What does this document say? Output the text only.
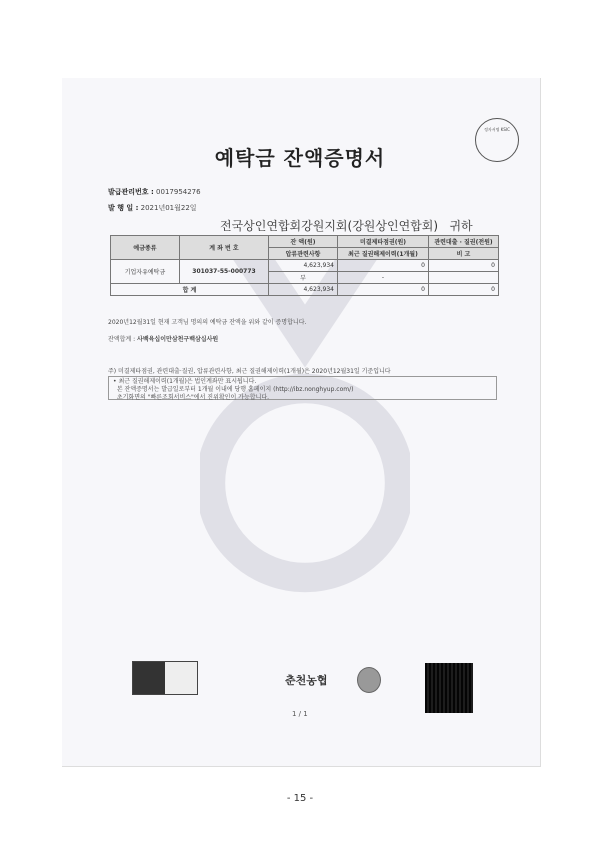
정자서명 KSIC
예탁금 잔액증명서
발급관리번호 : 0017954276
발 행 일 : 2021년01월22일
전국상인연합회강원지회(강원상인연합회)   귀하
예금종류	계 좌 번 호	잔 액(원)	미결제타점권(원)	관련대출 · 질권(전원)
		압류관련사항	최근 질권해제이력(1개월)	비 고
기업자유예탁금	301037-55-000773	4,623,934	0	0
		부	-	
합 계		4,623,934	0	0
2020년12월31일 현재 고객님 명의의 예탁금 잔액을 위와 같이 증명합니다.
잔액합계 : 사백육십이만삼천구백삼십사원
주) 미결제타점권, 관련대출·질권, 압류관련사항, 최근 질권해제이력(1개월)은 2020년12월31일 기준입니다
• 최근 질권해제이력(1개월)은 법인계좌만 표시됩니다.
본 잔액증명서는 발급일로부터 1개월 이내에 당행 홈페이지 (http://ibz.nonghyup.com/)
초기화면의 "빠른조회서비스"에서 진위확인이 가능합니다.
춘천농협
1 / 1
- 15 -
